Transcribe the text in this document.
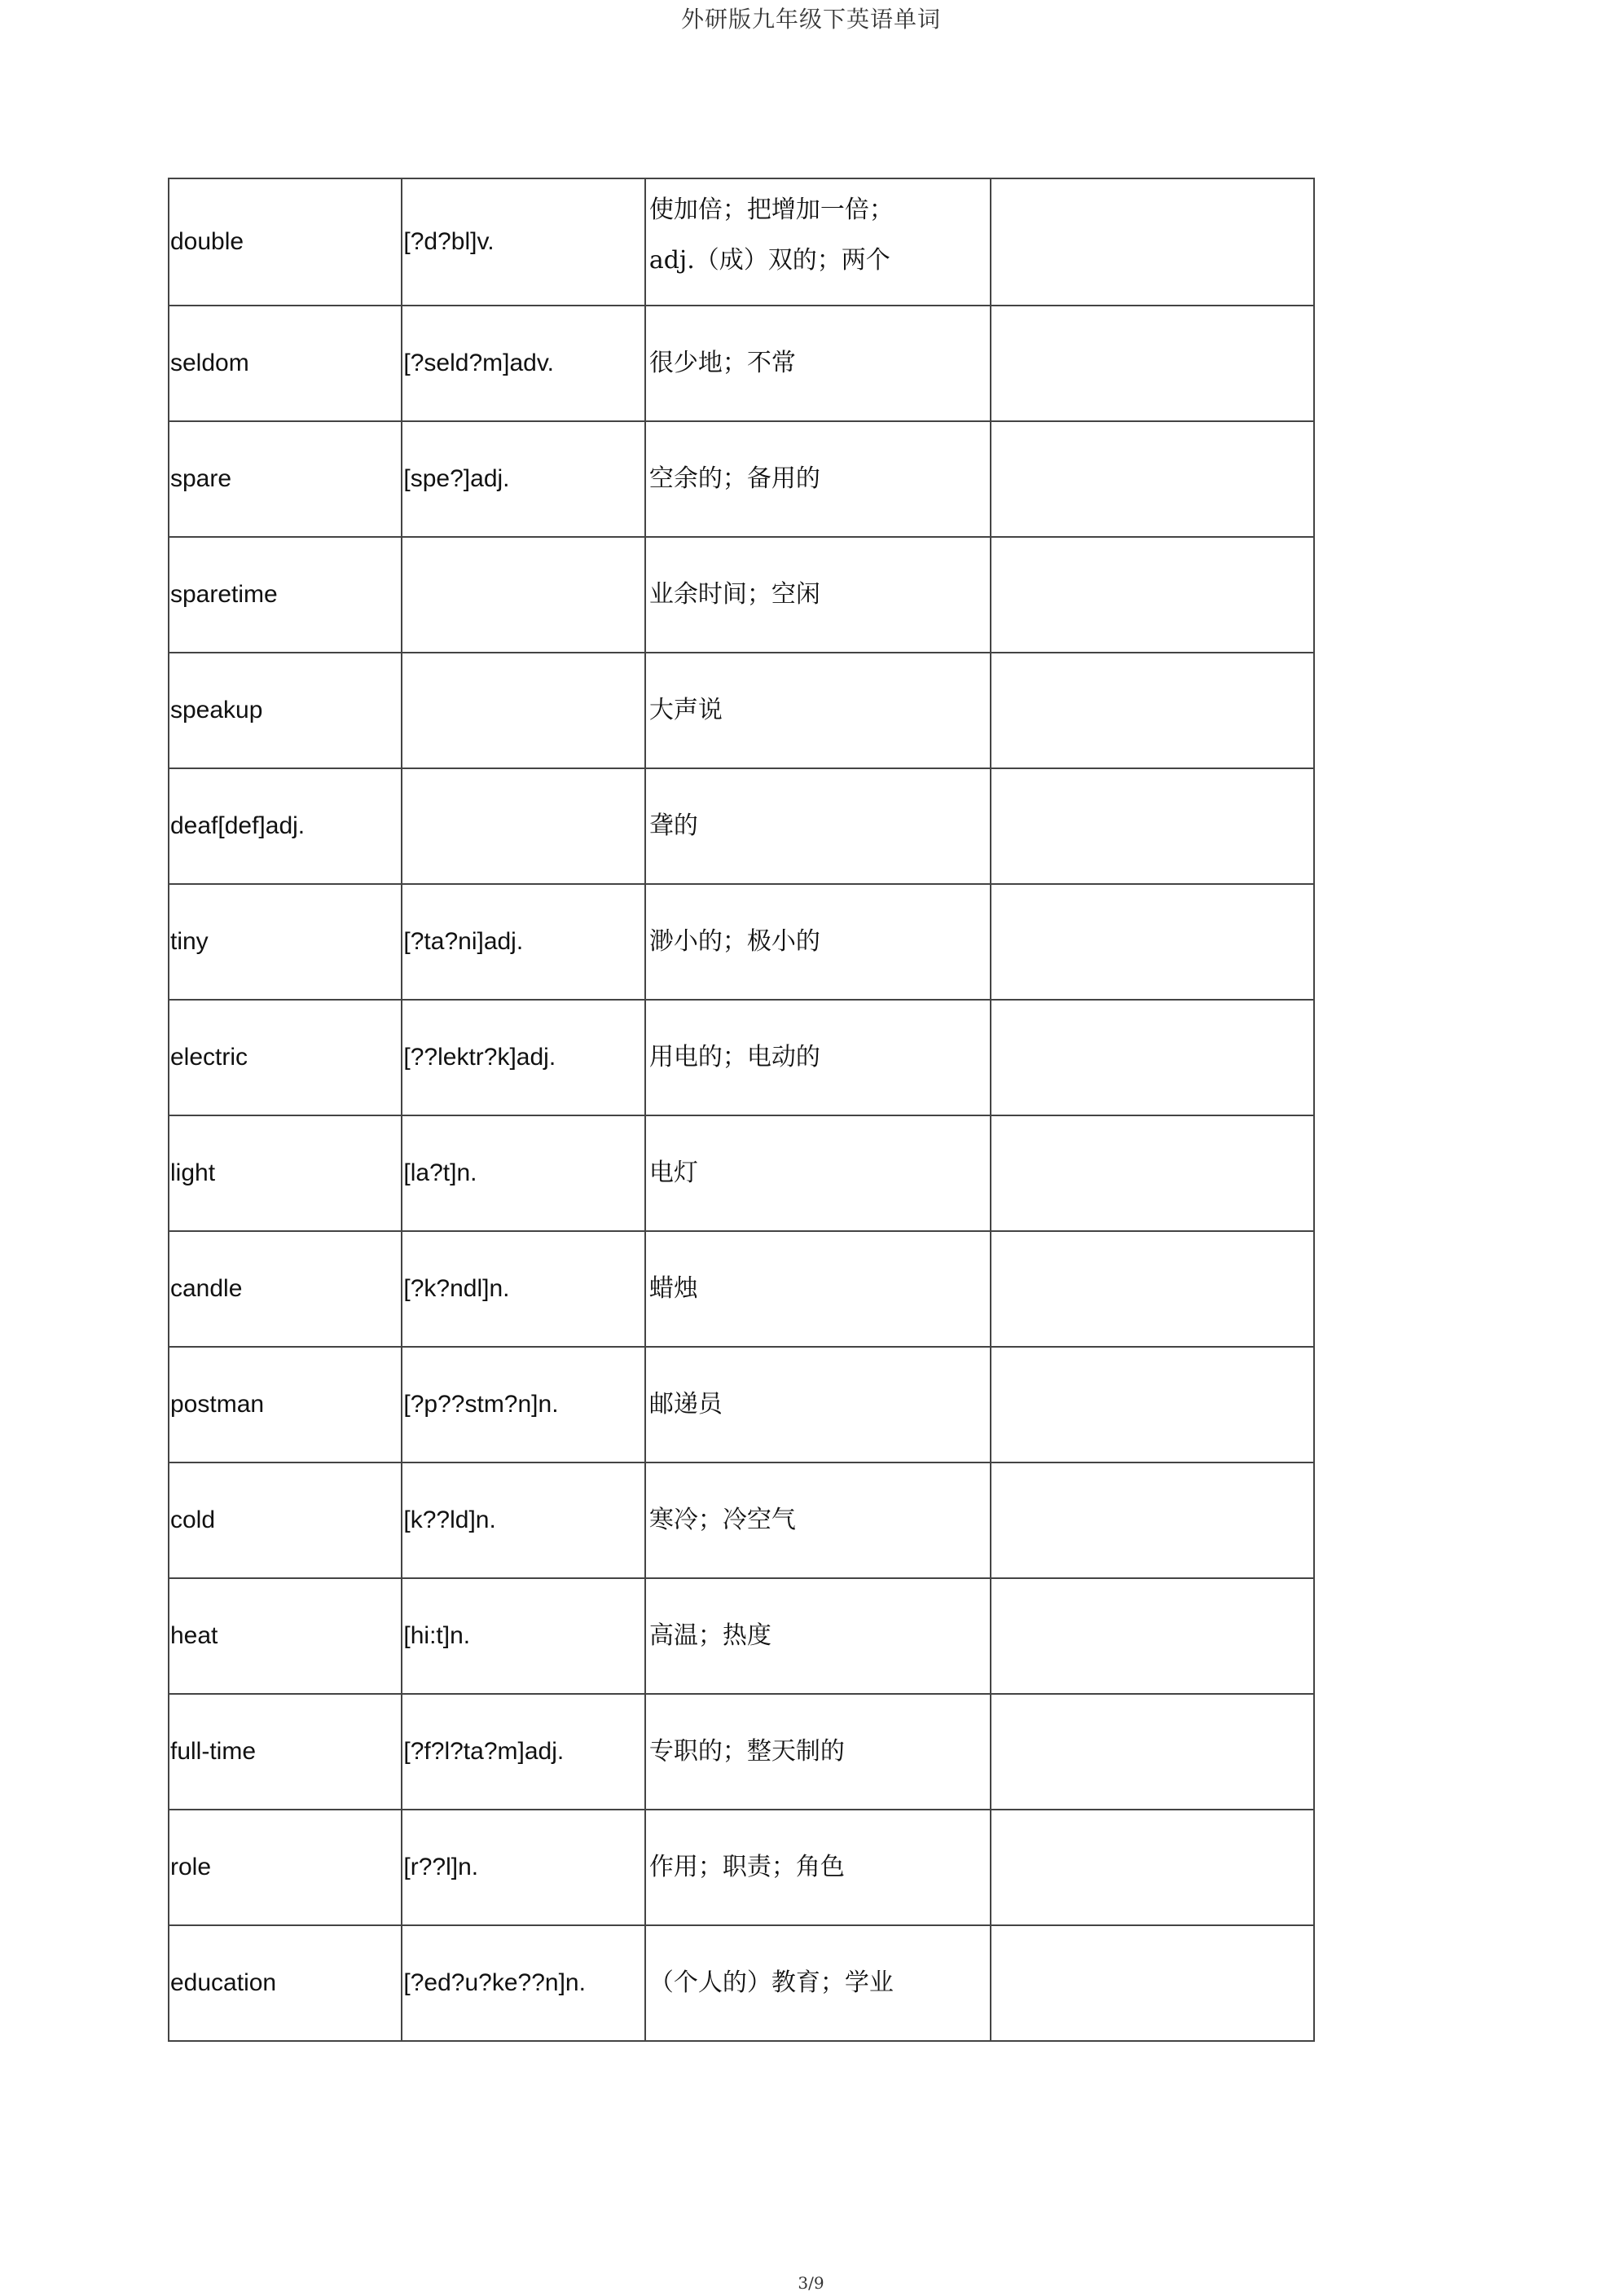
外研版九年级下英语单词
double	[?d?bl]v.	使加倍；把增加一倍；
adj.（成）双的；两个	

seldom	[?seld?m]adv.	很少地；不常	

spare	[spe?]adj.	空余的；备用的	

sparetime		业余时间；空闲	

speakup		大声说	

deaf[def]adj.		聋的	

tiny	[?ta?ni]adj.	渺小的；极小的	

electric	[??lektr?k]adj.	用电的；电动的	

light	[la?t]n.	电灯	

candle	[?k?ndl]n.	蜡烛	

postman	[?p??stm?n]n.	邮递员	

cold	[k??ld]n.	寒冷；冷空气	

heat	[hi:t]n.	高温；热度	

full-time	[?f?l?ta?m]adj.	专职的；整天制的	

role	[r??l]n.	作用；职责；角色	

education	[?ed?u?ke??n]n.	（个人的）教育；学业	

3/9
